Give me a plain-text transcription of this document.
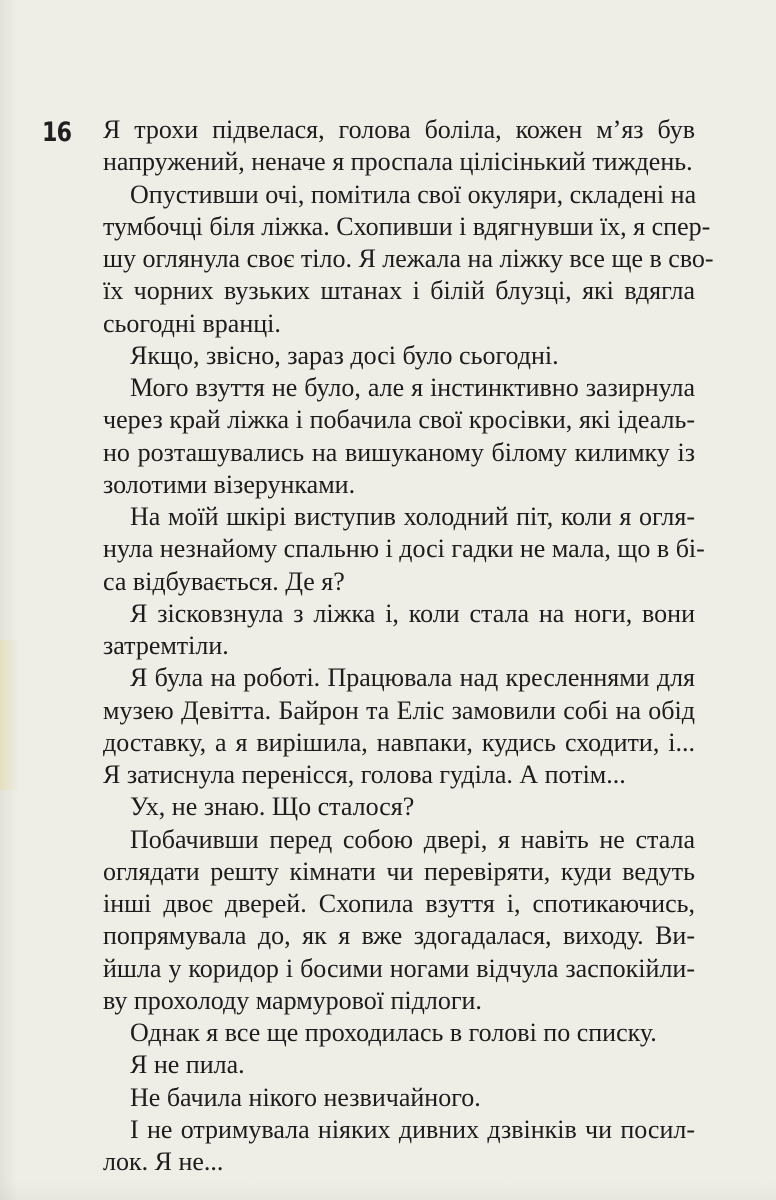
16 Я трохи підвелася, голова боліла, кожен м’яз був
напружений, неначе я проспала цілісінький тиждень.
Опустивши очі, помітила свої окуляри, складені на
тумбочці біля ліжка. Схопивши і вдягнувши їх, я спер-
шу оглянула своє тіло. Я лежала на ліжку все ще в сво-
їх чорних вузьких штанах і білій блузці, які вдягла
сьогодні вранці.
Якщо, звісно, зараз досі було сьогодні.
Мого взуття не було, але я інстинктивно зазирнула
через край ліжка і побачила свої кросівки, які ідеаль-
но розташувались на вишуканому білому килимку із
золотими візерунками.
На моїй шкірі виступив холодний піт, коли я огля-
нула незнайому спальню і досі гадки не мала, що в бі-
са відбувається. Де я?
Я зісковзнула з ліжка і, коли стала на ноги, вони
затремтіли.
Я була на роботі. Працювала над кресленнями для
музею Девітта. Байрон та Еліс замовили собі на обід
доставку, а я вирішила, навпаки, кудись сходити, і...
Я затиснула перенісся, голова гуділа. А потім...
Ух, не знаю. Що сталося?
Побачивши перед собою двері, я навіть не стала
оглядати решту кімнати чи перевіряти, куди ведуть
інші двоє дверей. Схопила взуття і, спотикаючись,
попрямувала до, як я вже здогадалася, виходу. Ви-
йшла у коридор і босими ногами відчула заспокійли-
ву прохолоду мармурової підлоги.
Однак я все ще проходилась в голові по списку.
Я не пила.
Не бачила нікого незвичайного.
І не отримувала ніяких дивних дзвінків чи посил-
лок. Я не...
